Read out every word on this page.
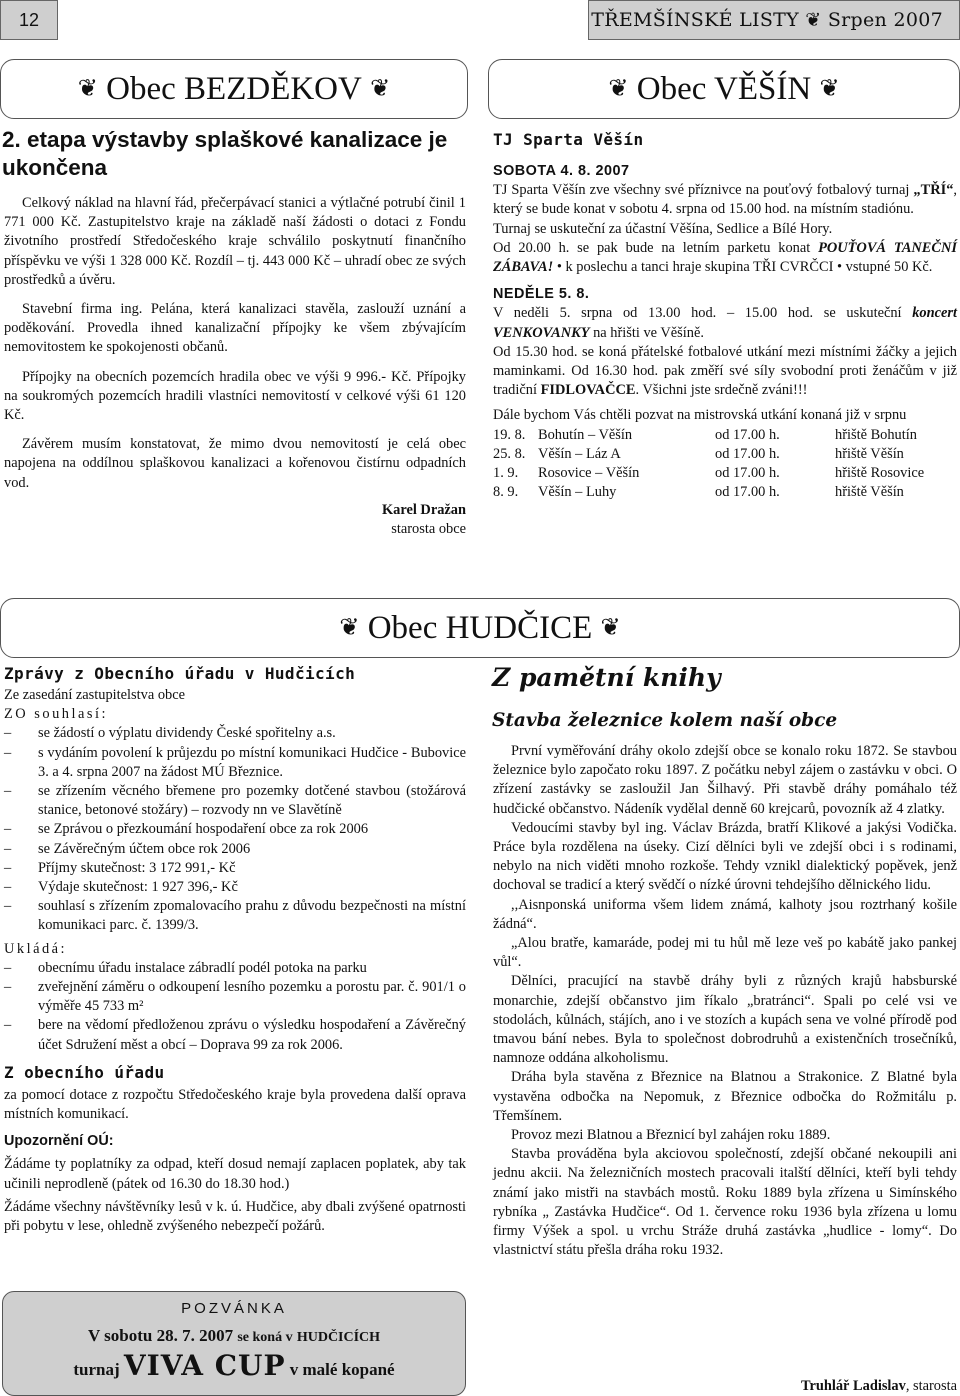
12	TŘEMŠÍNSKÉ LISTY ❦ Srpen 2007
❦ Obec BEZDĚKOV ❦
2. etapa výstavby splaškové kanalizace je ukončena

Celkový náklad na hlavní řád, přečerpávací stanici a výtlačné potrubí činil 1 771 000 Kč. Zastupitelstvo kraje na základě naší žádosti o dotaci z Fondu životního prostředí Středočeského kraje schválilo poskytnutí finančního příspěvku ve výši 1 328 000 Kč. Rozdíl – tj. 443 000 Kč – uhradí obec ze svých prostředků a úvěru.

Stavební firma ing. Pelána, která kanalizaci stavěla, zaslouží uznání a poděkování. Provedla ihned kanalizační přípojky ke všem zbývajícím nemovitostem ke spokojenosti občanů.

Přípojky na obecních pozemcích hradila obec ve výši 9 996.- Kč. Přípojky na soukromých pozemcích hradili vlastníci nemovitostí v celkové výši 61 120 Kč.

Závěrem musím konstatovat, že mimo dvou nemovitostí je celá obec napojena na oddílnou splaškovou kanalizaci a kořenovou čistírnu odpadních vod.

Karel Dražan

starosta obce

❦ Obec VĚŠÍN ❦
TJ Sparta Věšín

SOBOTA 4. 8. 2007

TJ Sparta Věšín zve všechny své příznivce na pouťový fotbalový turnaj „TŘÍ“, který se bude konat v sobotu 4. srpna od 15.00 hod. na místním stadiónu.

Turnaj se uskuteční za účastní Věšína, Sedlice a Bílé Hory.

Od 20.00 h. se pak bude na letním parketu konat POUŤOVÁ TANEČNÍ ZÁBAVA! • k poslechu a tanci hraje skupina TŘI CVRČCI • vstupné 50 Kč.

NEDĚLE 5. 8.

V neděli 5. srpna od 13.00 hod. – 15.00 hod. se uskuteční koncert VENKOVANKY na hřišti ve Věšíně.

Od 15.30 hod. se koná přátelské fotbalové utkání mezi místními žáčky a jejich maminkami. Od 16.30 hod. pak změří své síly svobodní proti ženáčům v již tradiční FIDLOVAČCE. Všichni jste srdečně zváni!!!

Dále bychom Vás chtěli pozvat na mistrovská utkání konaná již v srpnu

19. 8.	Bohutín – Věšín	od 17.00 h.	hřiště Bohutín
25. 8.	Věšín – Láz A	od 17.00 h.	hřiště Věšín
1. 9.	Rosovice – Věšín	od 17.00 h.	hřiště Rosovice
8. 9.	Věšín – Luhy	od 17.00 h.	hřiště Věšín
❦ Obec HUDČICE ❦

Zprávy z Obecního úřadu v Hudčicích

Ze zasedání zastupitelstva obce

ZO souhlasí:

–	se žádostí o výplatu dividendy České spořitelny a.s.
–	s vydáním povolení k průjezdu po místní komunikaci Hudčice - Bubovice 3. a 4. srpna 2007 na žádost MÚ Březnice.
–	se zřízením věcného břemene pro pozemky dotčené stavbou (stožárová stanice, betonové stožáry) – rozvody nn ve Slavětíně
–	se Zprávou o přezkoumání hospodaření obce za rok 2006
–	se Závěrečným účtem obce rok 2006
–	Příjmy skutečnost: 3 172 991,- Kč
–	Výdaje skutečnost: 1 927 396,- Kč
–	souhlasí s zřízením zpomalovacího prahu z důvodu bezpečnosti na místní komunikaci parc. č. 1399/3.

Ukládá:

–	obecnímu úřadu instalace zábradlí podél potoka na parku
–	zveřejnění záměru o odkoupení lesního pozemku a porostu par. č. 901/1 o výměře 45 733 m²
–	bere na vědomí předloženou zprávu o výsledku hospodaření a Závěrečný účet Sdružení měst a obcí – Doprava 99 za rok 2006.

Z obecního úřadu

za pomocí dotace z rozpočtu Středočeského kraje byla provedena další oprava místních komunikací.

Upozornění OÚ:

Žádáme ty poplatníky za odpad, kteří dosud nemají zaplacen poplatek, aby tak učinili neprodleně (pátek od 16.30 do 18.30 hod.)

Žádáme všechny návštěvníky lesů v k. ú. Hudčice, aby dbali zvýšené opatrnosti při pobytu v lese, ohledně zvýšeného nebezpečí požárů.

POZVÁNKA
V sobotu 28. 7. 2007 se koná v HUDČICÍCH
turnaj VIVA CUP v malé kopané
Z pamětní knihy
Stavba železnice kolem naší obce

První vyměřování dráhy okolo zdejší obce se konalo roku 1872. Se stavbou železnice bylo započato roku 1897. Z počátku nebyl zájem o zastávku v obci. O zřízení zastávky se zasloužil Jan Šilhavý. Při stavbě dráhy pomáhalo též hudčické občanstvo. Nádeník vydělal denně 60 krejcarů, povozník až 4 zlatky.

Vedoucími stavby byl ing. Václav Brázda, bratří Klikové a jakýsi Vodička. Práce byla rozdělena na úseky. Cizí dělníci byli ve zdejší obci i s rodinami, nebylo na nich viděti mnoho rozkoše. Tehdy vznikl dialektický popěvek, jenž dochoval se tradicí a který svědčí o nízké úrovni tehdejšího dělnického lidu.

,,Aisnponská uniforma všem lidem známá, kalhoty jsou roztrhaný košile žádná“.

„Alou bratře, kamaráde, podej mi tu hůl mě leze veš po kabátě jako pankej vůl“.

Dělníci, pracující na stavbě dráhy byli z různých krajů habsburské monarchie, zdejší občanstvo jim říkalo „bratránci“. Spali po celé vsi ve stodolách, kůlnách, stájích, ano i ve stozích a kupách sena ve volné přírodě pod tmavou bání nebes. Byla to společnost dobrodruhů a existenčních trosečníků, namnoze oddána alkoholismu.

Dráha byla stavěna z Březnice na Blatnou a Strakonice. Z Blatné byla vystavěna odbočka na Nepomuk, z Březnice odbočka do Rožmitálu p. Třemšínem.

Provoz mezi Blatnou a Březnicí byl zahájen roku 1889.

Stavba prováděna byla akciovou společností, zdejší občané nekoupili ani jednu akcii. Na železničních mostech pracovali italští dělníci, kteří byli tehdy známí jako mistři na stavbách mostů. Roku 1889 byla zřízena u Simínského rybníka „ Zastávka Hudčice“. Od 1. července roku 1936 byla zřízena u lomu firmy Výšek a spol. u vrchu Stráže druhá zastávka „hudlice - lomy“. Do vlastnictví státu přešla dráha roku 1932.

Truhlář Ladislav, starosta
